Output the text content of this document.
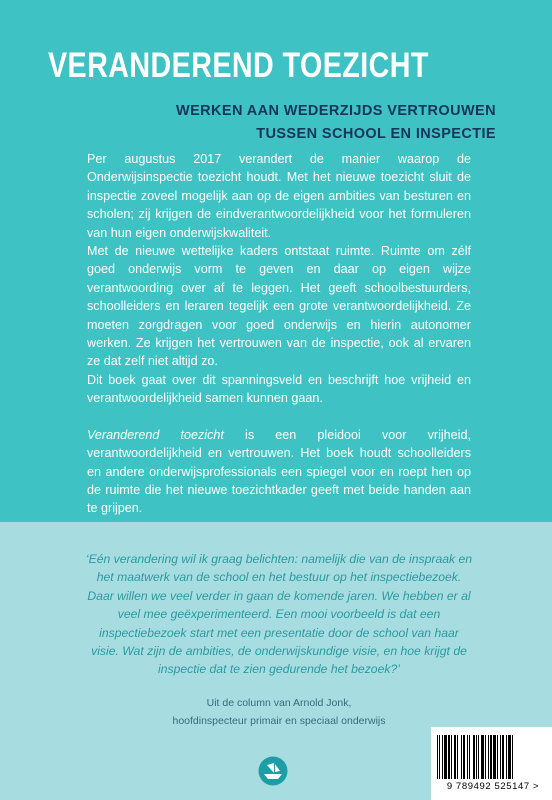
VERANDEREND TOEZICHT
WERKEN AAN WEDERZIJDS VERTROUWEN
TUSSEN SCHOOL EN INSPECTIE

Per augustus 2017 verandert de manier waarop de Onderwijsinspectie toezicht houdt. Met het nieuwe toezicht sluit de inspectie zoveel mogelijk aan op de eigen ambities van besturen en scholen; zij krijgen de eindverantwoordelijkheid voor het formuleren van hun eigen onderwijskwaliteit.

Met de nieuwe wettelijke kaders ontstaat ruimte. Ruimte om zélf goed onderwijs vorm te geven en daar op eigen wijze verantwoording over af te leggen. Het geeft schoolbestuurders, schoolleiders en leraren tegelijk een grote verantwoordelijkheid. Ze moeten zorgdragen voor goed onderwijs en hierin autonomer werken. Ze krijgen het vertrouwen van de inspectie, ook al ervaren ze dat zelf niet altijd zo.

Dit boek gaat over dit spanningsveld en beschrijft hoe vrijheid en verantwoordelijkheid samen kunnen gaan.

Veranderend toezicht is een pleidooi voor vrijheid, verantwoordelijkheid en vertrouwen. Het boek houdt schoolleiders en andere onderwijsprofessionals een spiegel voor en roept hen op de ruimte die het nieuwe toezichtkader geeft met beide handen aan te grijpen.

‘Eén verandering wil ik graag belichten: namelijk die van de inspraak en het maatwerk van de school en het bestuur op het inspectiebezoek. Daar willen we veel verder in gaan de komende jaren. We hebben er al veel mee geëxperimenteerd. Een mooi voorbeeld is dat een inspectiebezoek start met een presentatie door de school van haar visie. Wat zijn de ambities, de onderwijskundige visie, en hoe krijgt de inspectie dat te zien gedurende het bezoek?’
Uit de column van Arnold Jonk,
hoofdinspecteur primair en speciaal onderwijs
9 789492 525147 >
